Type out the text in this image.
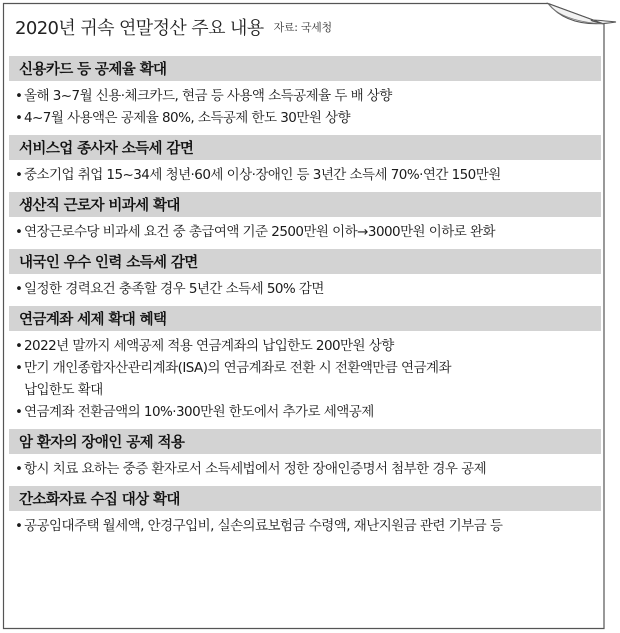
2020년 귀속 연말정산 주요 내용 자료: 국세청
신용카드 등 공제율 확대
• 올해 3~7월 신용·체크카드, 현금 등 사용액 소득공제율 두 배 상향
• 4~7월 사용액은 공제율 80%, 소득공제 한도 30만원 상향
서비스업 종사자 소득세 감면
• 중소기업 취업 15~34세 청년·60세 이상·장애인 등 3년간 소득세 70%·연간 150만원
생산직 근로자 비과세 확대
• 연장근로수당 비과세 요건 중 총급여액 기준 2500만원 이하→3000만원 이하로 완화
내국인 우수 인력 소득세 감면
• 일정한 경력요건 충족할 경우 5년간 소득세 50% 감면
연금계좌 세제 확대 혜택
• 2022년 말까지 세액공제 적용 연금계좌의 납입한도 200만원 상향
• 만기 개인종합자산관리계좌(ISA)의 연금계좌로 전환 시 전환액만큼 연금계좌
납입한도 확대
• 연금계좌 전환금액의 10%·300만원 한도에서 추가로 세액공제
암 환자의 장애인 공제 적용
• 항시 치료 요하는 중증 환자로서 소득세법에서 정한 장애인증명서 첨부한 경우 공제
간소화자료 수집 대상 확대
• 공공임대주택 월세액, 안경구입비, 실손의료보험금 수령액, 재난지원금 관련 기부금 등
